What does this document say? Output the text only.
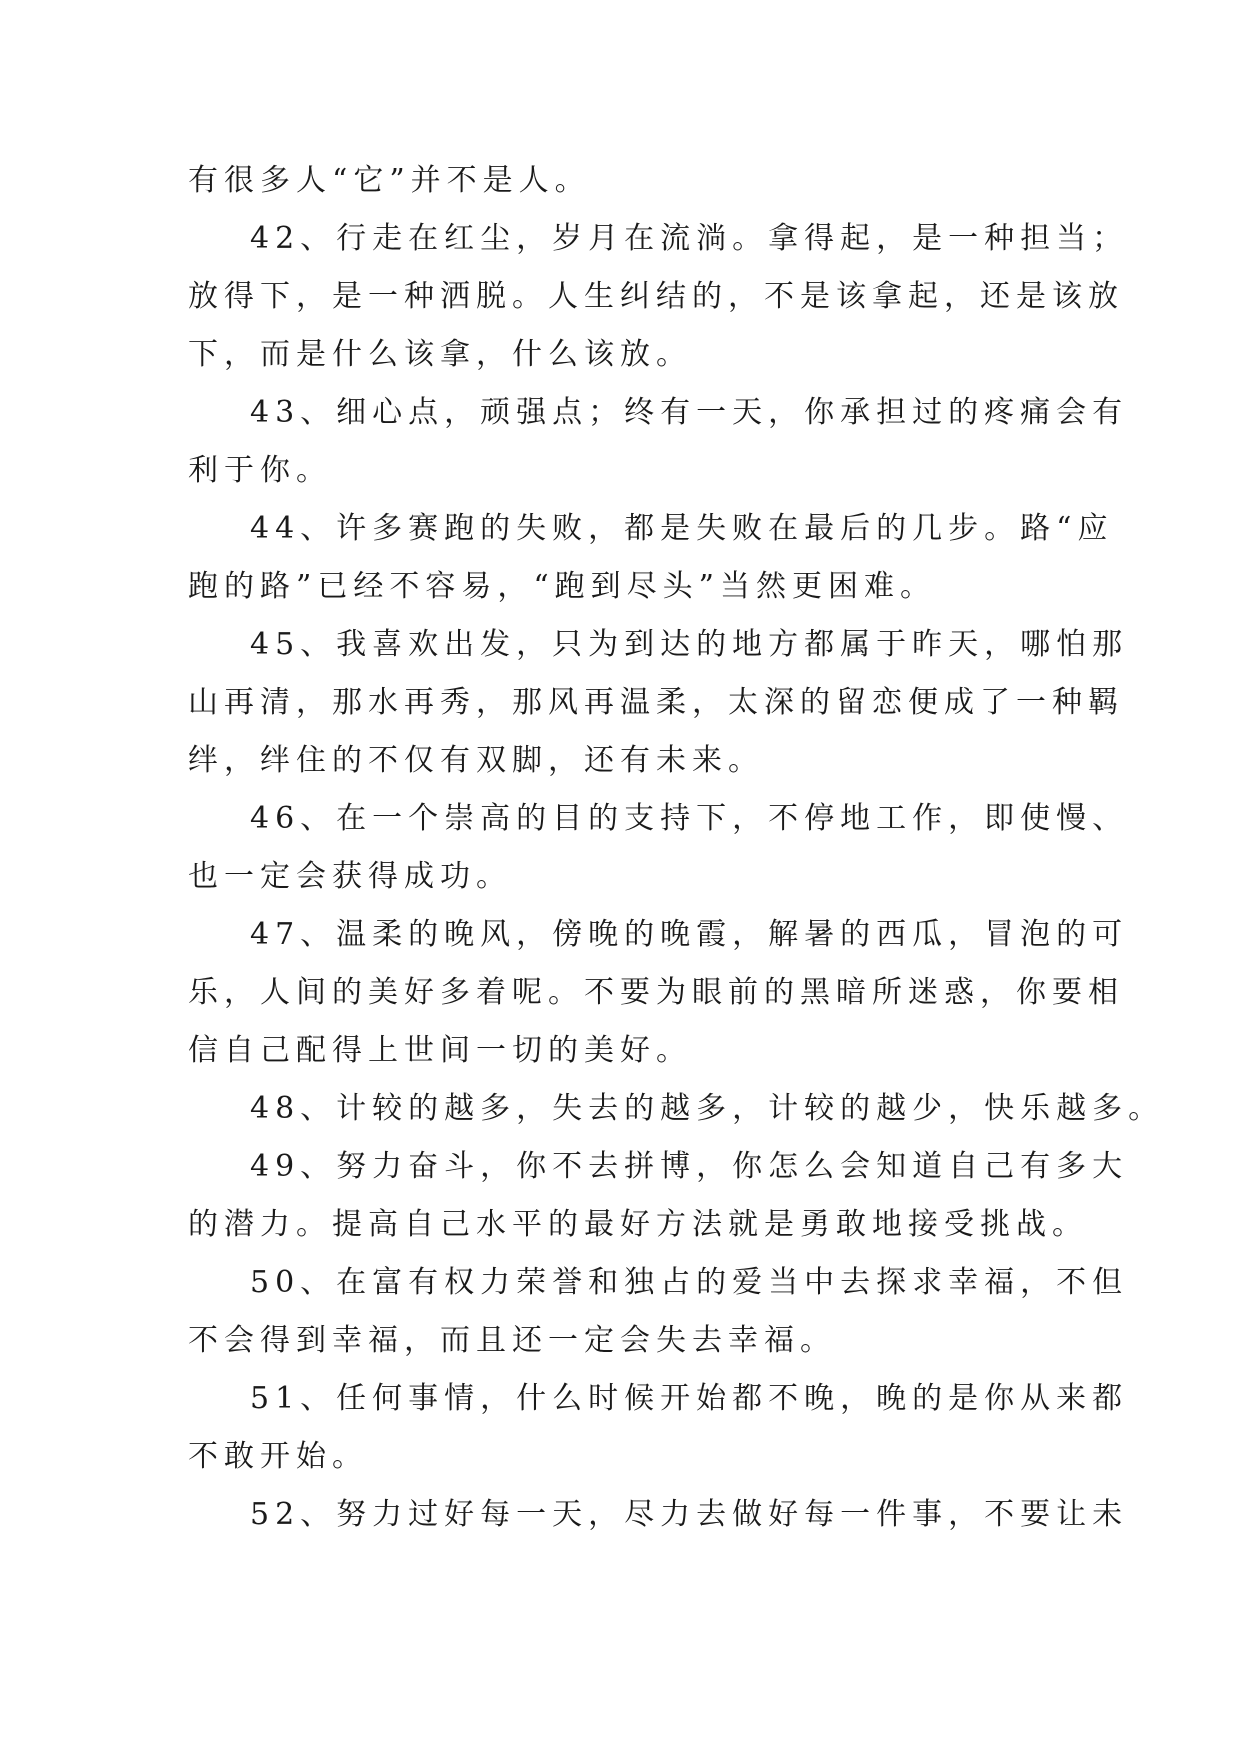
有很多人“它”并不是人。
42、行走在红尘，岁月在流淌。拿得起，是一种担当；
放得下，是一种洒脱。人生纠结的，不是该拿起，还是该放
下，而是什么该拿，什么该放。
43、细心点，顽强点；终有一天，你承担过的疼痛会有
利于你。
44、许多赛跑的失败，都是失败在最后的几步。路“应
跑的路”已经不容易，“跑到尽头”当然更困难。
45、我喜欢出发，只为到达的地方都属于昨天，哪怕那
山再清，那水再秀，那风再温柔，太深的留恋便成了一种羁
绊，绊住的不仅有双脚，还有未来。
46、在一个崇高的目的支持下，不停地工作，即使慢、
也一定会获得成功。
47、温柔的晚风，傍晚的晚霞，解暑的西瓜，冒泡的可
乐，人间的美好多着呢。不要为眼前的黑暗所迷惑，你要相
信自己配得上世间一切的美好。
48、计较的越多，失去的越多，计较的越少，快乐越多。
49、努力奋斗，你不去拼博，你怎么会知道自己有多大
的潜力。提高自己水平的最好方法就是勇敢地接受挑战。
50、在富有权力荣誉和独占的爱当中去探求幸福，不但
不会得到幸福，而且还一定会失去幸福。
51、任何事情，什么时候开始都不晚，晚的是你从来都
不敢开始。
52、努力过好每一天，尽力去做好每一件事，不要让未
